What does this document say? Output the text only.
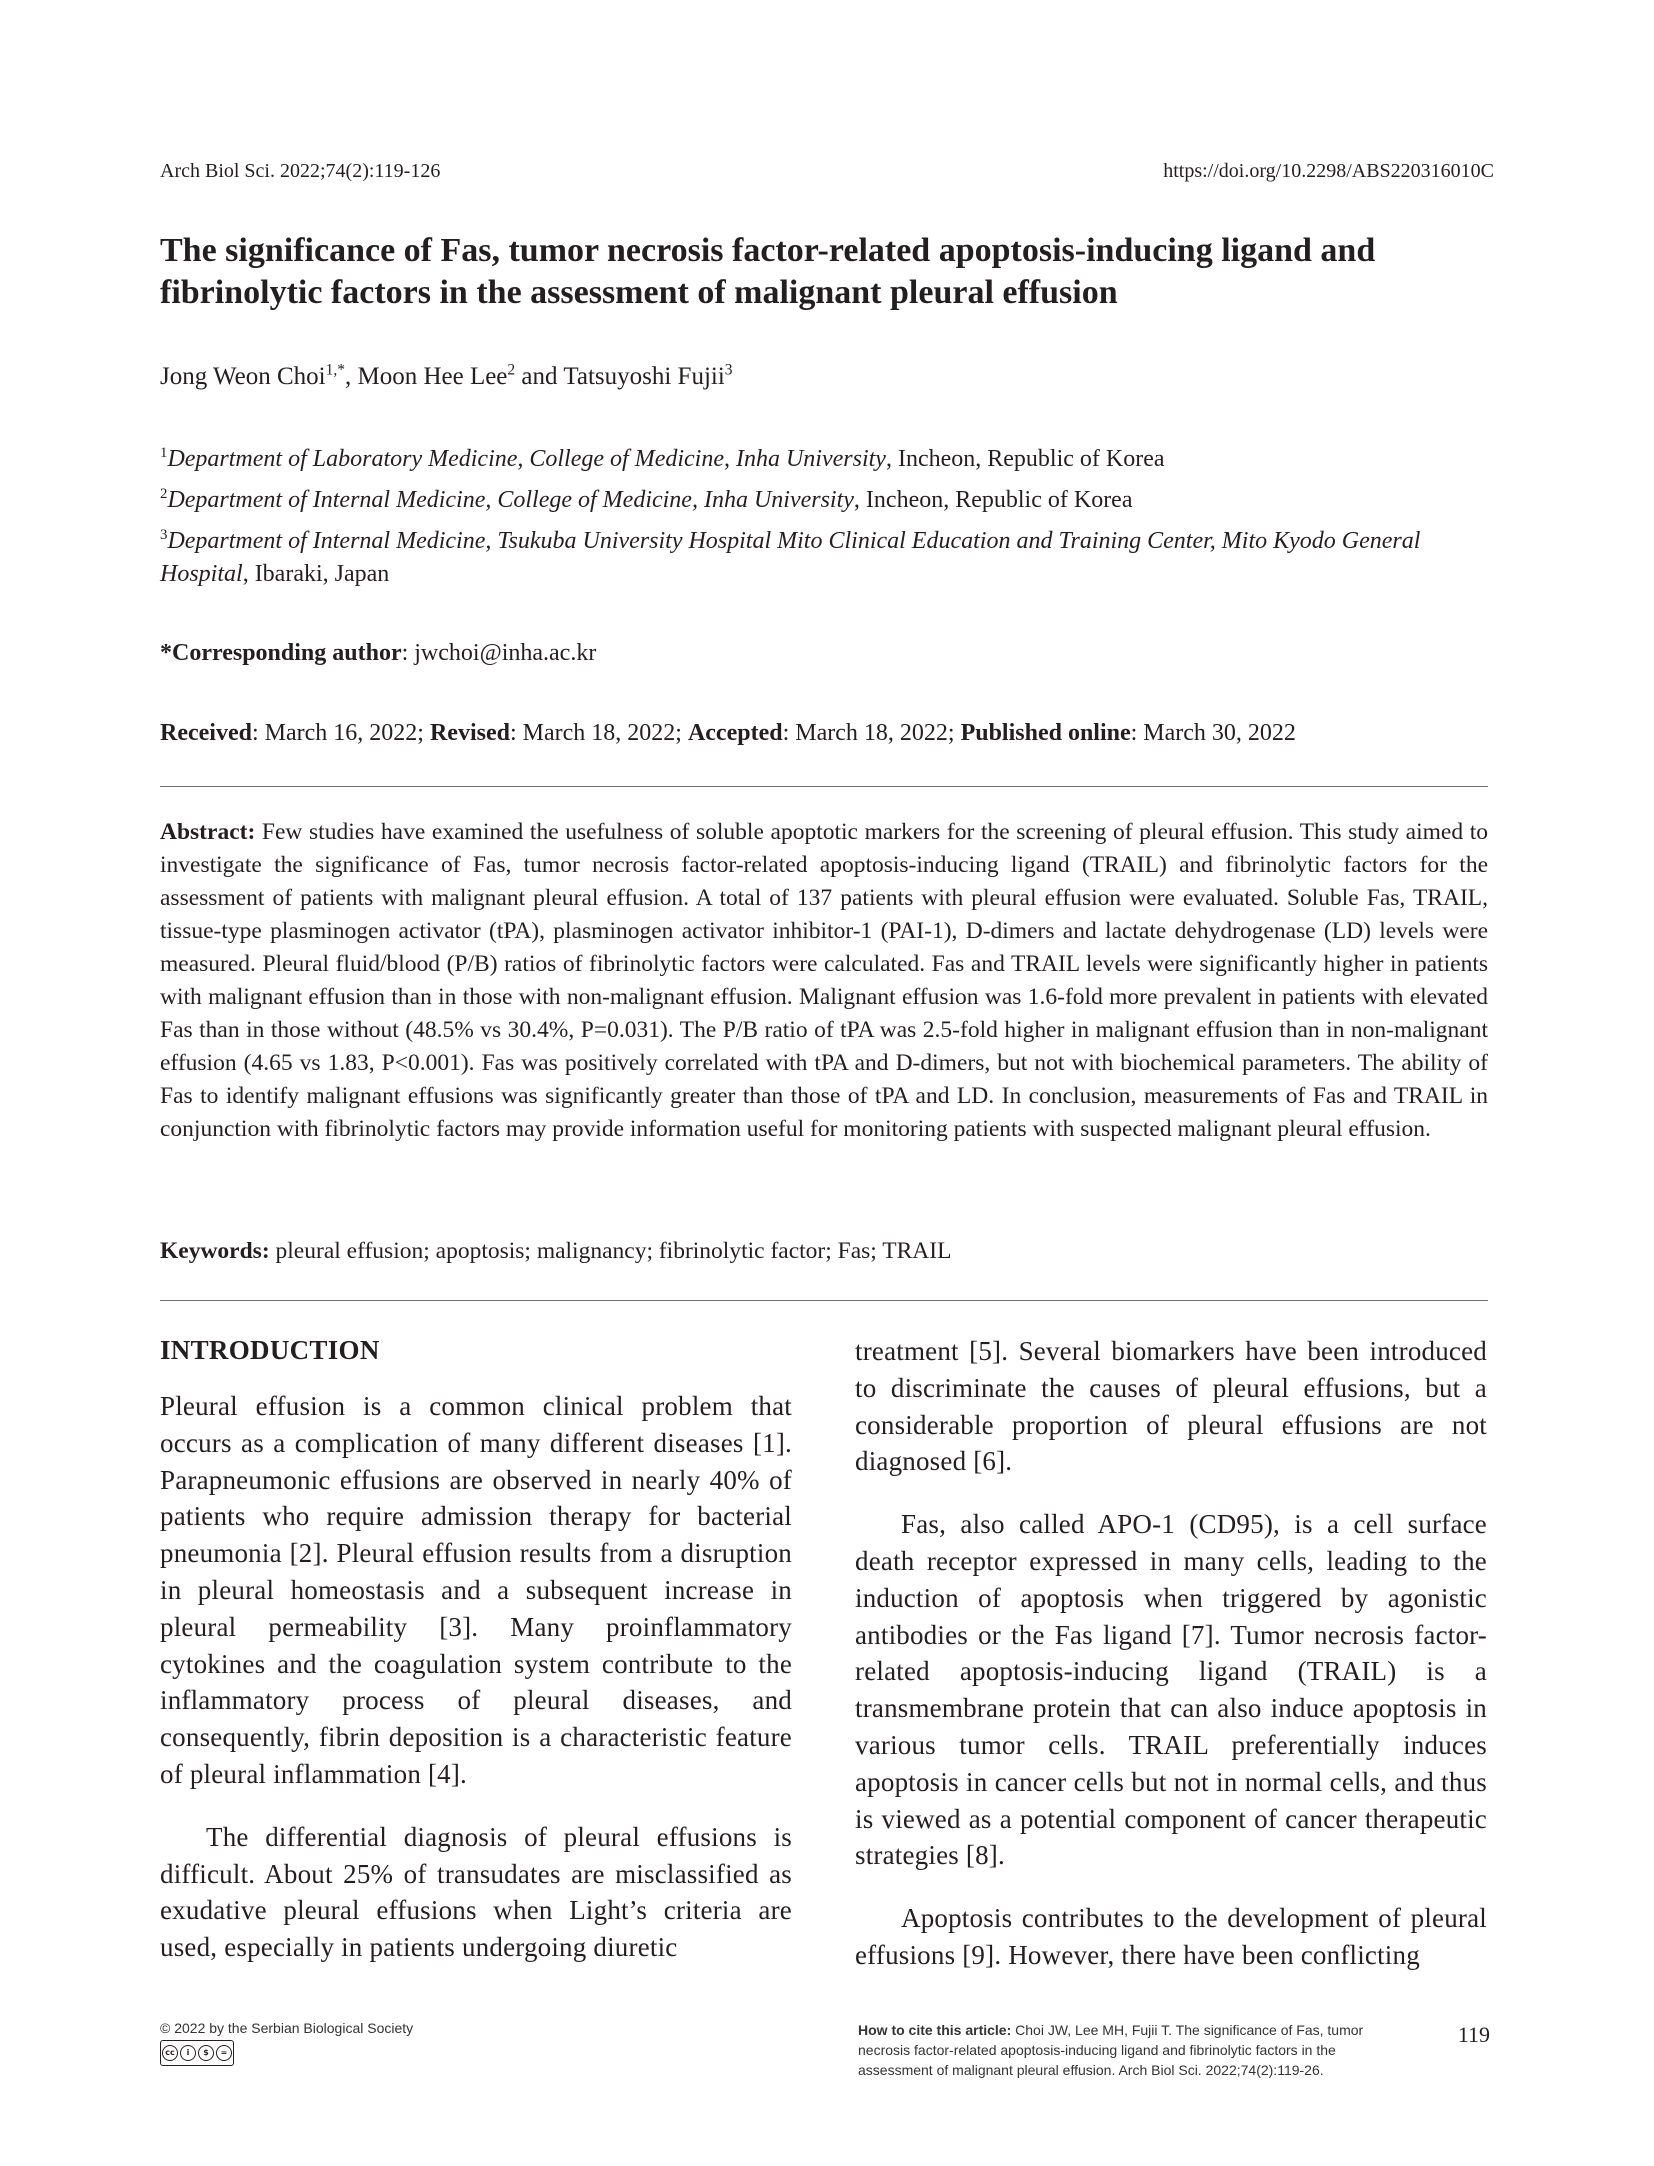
Arch Biol Sci. 2022;74(2):119-126	https://doi.org/10.2298/ABS220316010C
The significance of Fas, tumor necrosis factor-related apoptosis-inducing ligand and fibrinolytic factors in the assessment of malignant pleural effusion
Jong Weon Choi$^{1,*}$, Moon Hee Lee$^2$ and Tatsuyoshi Fujii$^3$
$^1$Department of Laboratory Medicine, College of Medicine, Inha University, Incheon, Republic of Korea
$^2$Department of Internal Medicine, College of Medicine, Inha University, Incheon, Republic of Korea
$^3$Department of Internal Medicine, Tsukuba University Hospital Mito Clinical Education and Training Center, Mito Kyodo General Hospital, Ibaraki, Japan
*Corresponding author: jwchoi@inha.ac.kr
Received: March 16, 2022; Revised: March 18, 2022; Accepted: March 18, 2022; Published online: March 30, 2022

Abstract: Few studies have examined the usefulness of soluble apoptotic markers for the screening of pleural effusion. This study aimed to investigate the significance of Fas, tumor necrosis factor-related apoptosis-inducing ligand (TRAIL) and fibrinolytic factors for the assessment of patients with malignant pleural effusion. A total of 137 patients with pleural effusion were evaluated. Soluble Fas, TRAIL, tissue-type plasminogen activator (tPA), plasminogen activator inhibitor-1 (PAI-1), D-dimers and lactate dehydrogenase (LD) levels were measured. Pleural fluid/blood (P/B) ratios of fibrinolytic factors were calculated. Fas and TRAIL levels were significantly higher in patients with malignant effusion than in those with non-malignant effusion. Malignant effusion was 1.6-fold more prevalent in patients with elevated Fas than in those without (48.5% vs 30.4%, P=0.031). The P/B ratio of tPA was 2.5-fold higher in malignant effusion than in non-malignant effusion (4.65 vs 1.83, P<0.001). Fas was positively correlated with tPA and D-dimers, but not with biochemical parameters. The ability of Fas to identify malignant effusions was significantly greater than those of tPA and LD. In conclusion, measurements of Fas and TRAIL in conjunction with fibrinolytic factors may provide information useful for monitoring patients with suspected malignant pleural effusion.

Keywords: pleural effusion; apoptosis; malignancy; fibrinolytic factor; Fas; TRAIL

INTRODUCTION

Pleural effusion is a common clinical problem that occurs as a complication of many different diseases [1]. Parapneumonic effusions are observed in nearly 40% of patients who require admission therapy for bacterial pneumonia [2]. Pleural effusion results from a disruption in pleural homeostasis and a subsequent increase in pleural permeability [3]. Many proinflammatory cytokines and the coagulation system contribute to the inflammatory process of pleural diseases, and consequently, fibrin deposition is a characteristic feature of pleural inflammation [4].

The differential diagnosis of pleural effusions is difficult. About 25% of transudates are misclassified as exudative pleural effusions when Light’s criteria are used, especially in patients undergoing diuretic

treatment [5]. Several biomarkers have been introduced to discriminate the causes of pleural effusions, but a considerable proportion of pleural effusions are not diagnosed [6].

Fas, also called APO-1 (CD95), is a cell surface death receptor expressed in many cells, leading to the induction of apoptosis when triggered by agonistic antibodies or the Fas ligand [7]. Tumor necrosis factor-related apoptosis-inducing ligand (TRAIL) is a transmembrane protein that can also induce apoptosis in various tumor cells. TRAIL preferentially induces apoptosis in cancer cells but not in normal cells, and thus is viewed as a potential component of cancer therapeutic strategies [8].

Apoptosis contributes to the development of pleural effusions [9]. However, there have been conflicting

© 2022 by the Serbian Biological Society
cc	i	$	=
How to cite this article: Choi JW, Lee MH, Fujii T. The significance of Fas, tumor necrosis factor-related apoptosis-inducing ligand and fibrinolytic factors in the assessment of malignant pleural effusion. Arch Biol Sci. 2022;74(2):119-26.
119
